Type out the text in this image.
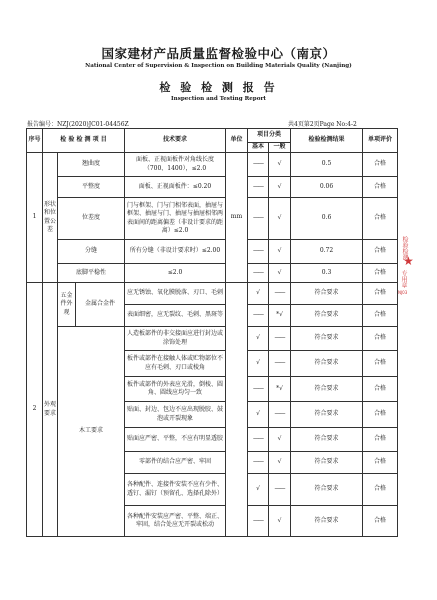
国家建材产品质量监督检验中心（南京）
National Center of Supervision & Inspection on Building Materials Quality (Nanjing)
检 验 检 测 报 告
Inspection and Testing Report
报告编号：NZJ(2020)JC01-04456Z	共4页第2页Page No:4-2
序号	检 验 检 测 项 目			技术要求	单位	项目分类		检验检测结果	单项评价
						基本	一般		
1	形状和位置公差	翘曲度		面板、正视面板件对角线长度（700、1400），≤2.0	mm	——	√	0.5	合格
		平整度		面板、正视面板件：≤0.20		——	√	0.06	合格
		位差度		门与框架、门与门相邻表面，抽屉与框架、抽屉与门、抽屉与抽屉相邻两表面间的距离偏差（非设计要求的距离）≤2.0		——	√	0.6	合格
		分缝		所有分缝（非设计要求时）≤2.00		——	√	0.72	合格
		底脚平稳性		≤2.0		——	√	0.3	合格
2	外观要求	五金件外观	金属合金件	应无锈蚀、氧化膜脱落、刃口、毛刺		√	——	符合要求	合格
				表面细密，应无裂纹、毛刺、黑斑等		——	*√	符合要求	合格
		木工要求		人造板部件的非交接面应进行封边或涂饰处理		√	——	符合要求	合格
				板件或部件在接触人体或贮物部位不应有毛刺、刃口或棱角		√	——	符合要求	合格
				板件或部件的外表应光滑，倒棱、圆角、圆线应均匀一致		——	*√	符合要求	合格
				贴面、封边、包边不应出现脱胶、鼓泡或开裂现象		√	——	符合要求	合格
				贴面应严密、平整，不应有明显透胶		——	√	符合要求	合格
				零部件的结合应严密、牢固		——	√	符合要求	合格
				各种配件、连接件安装不应有少件、透钉、漏钉（预留孔、选择孔除外）		√	——	符合要求	合格
				各种配件安装应严密、平整、端正、牢固，结合处应无开裂或松动		——	√	符合要求	合格
检验检测
★
专用章
NJ03
